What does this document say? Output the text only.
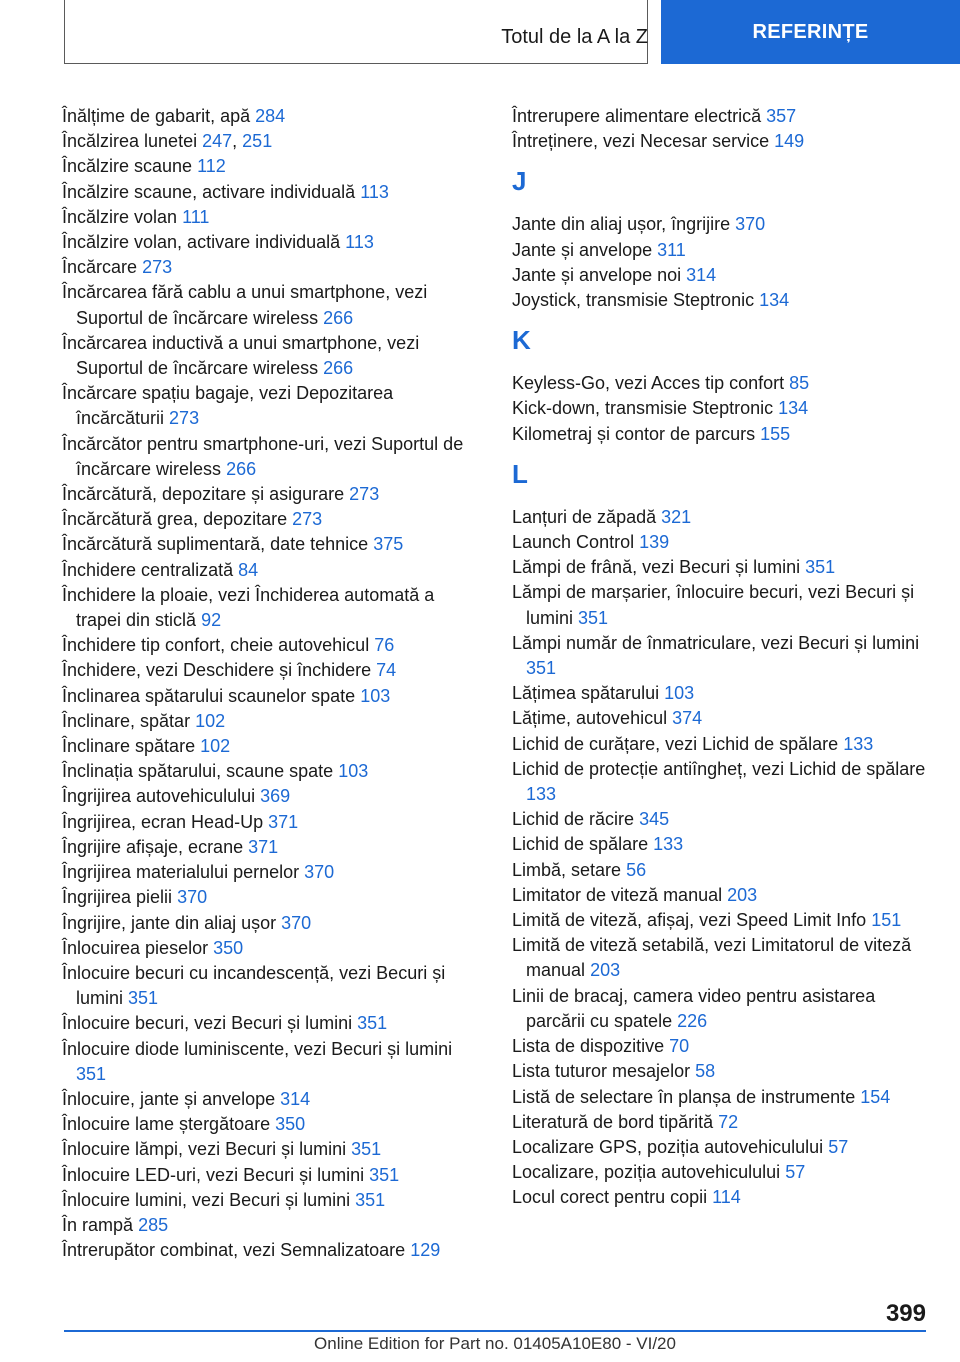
Totul de la A la Z	REFERINȚE
Înălțime de gabarit, apă 284
Încălzirea lunetei 247, 251
Încălzire scaune 112
Încălzire scaune, activare individuală 113
Încălzire volan 111
Încălzire volan, activare individuală 113
Încărcare 273
Încărcarea fără cablu a unui smartphone, vezi Suportul de încărcare wireless 266
Încărcarea inductivă a unui smartphone, vezi Suportul de încărcare wireless 266
Încărcare spațiu bagaje, vezi Depozitarea încărcăturii 273
Încărcător pentru smartphone-uri, vezi Suportul de încărcare wireless 266
Încărcătură, depozitare și asigurare 273
Încărcătură grea, depozitare 273
Încărcătură suplimentară, date tehnice 375
Închidere centralizată 84
Închidere la ploaie, vezi Închiderea automată a trapei din sticlă 92
Închidere tip confort, cheie autovehicul 76
Închidere, vezi Deschidere și închidere 74
Înclinarea spătarului scaunelor spate 103
Înclinare, spătar 102
Înclinare spătare 102
Înclinația spătarului, scaune spate 103
Îngrijirea autovehiculului 369
Îngrijirea, ecran Head-Up 371
Îngrijire afișaje, ecrane 371
Îngrijirea materialului pernelor 370
Îngrijirea pielii 370
Îngrijire, jante din aliaj ușor 370
Înlocuirea pieselor 350
Înlocuire becuri cu incandescență, vezi Becuri și lumini 351
Înlocuire becuri, vezi Becuri și lumini 351
Înlocuire diode luminiscente, vezi Becuri și lumini 351
Înlocuire, jante și anvelope 314
Înlocuire lame ștergătoare 350
Înlocuire lămpi, vezi Becuri și lumini 351
Înlocuire LED-uri, vezi Becuri și lumini 351
Înlocuire lumini, vezi Becuri și lumini 351
În rampă 285
Întrerupător combinat, vezi Semnalizatoare 129
Întrerupere alimentare electrică 357
Întreținere, vezi Necesar service 149
J
Jante din aliaj ușor, îngrijire 370
Jante și anvelope 311
Jante și anvelope noi 314
Joystick, transmisie Steptronic 134
K
Keyless-Go, vezi Acces tip confort 85
Kick-down, transmisie Steptronic 134
Kilometraj și contor de parcurs 155
L
Lanțuri de zăpadă 321
Launch Control 139
Lămpi de frână, vezi Becuri și lumini 351
Lămpi de marșarier, înlocuire becuri, vezi Becuri și lumini 351
Lămpi număr de înmatriculare, vezi Becuri și lumini 351
Lățimea spătarului 103
Lățime, autovehicul 374
Lichid de curățare, vezi Lichid de spălare 133
Lichid de protecție antiîngheț, vezi Lichid de spălare 133
Lichid de răcire 345
Lichid de spălare 133
Limbă, setare 56
Limitator de viteză manual 203
Limită de viteză, afișaj, vezi Speed Limit Info 151
Limită de viteză setabilă, vezi Limitatorul de viteză manual 203
Linii de bracaj, camera video pentru asistarea parcării cu spatele 226
Lista de dispozitive 70
Lista tuturor mesajelor 58
Listă de selectare în planșa de instrumente 154
Literatură de bord tipărită 72
Localizare GPS, poziția autovehiculului 57
Localizare, poziția autovehiculului 57
Locul corect pentru copii 114
399
Online Edition for Part no. 01405A10E80 - VI/20
